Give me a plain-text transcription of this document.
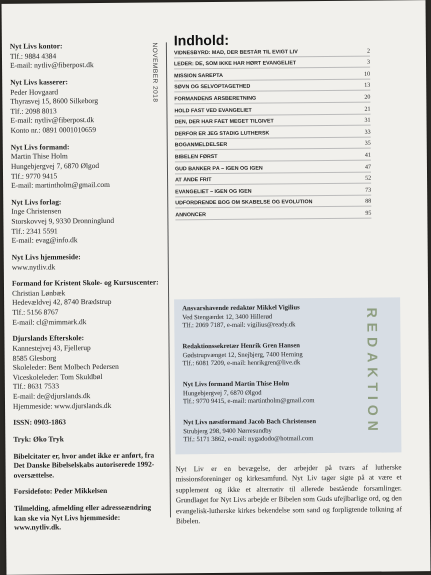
Nyt Livs kontor:
Tlf.: 9884 4384
E-mail: nytliv@fiberpost.dk
Nyt Livs kasserer:
Peder Hovgaard
Thyrasvej 15, 8600 Silkeborg
Tlf.: 2098 8013
E-mail: nytliv@fiberpost.dk
Konto nr.: 0891 0001010659
Nyt Livs formand:
Martin Thise Holm
Hungebjergvej 7, 6870 Ølgod
Tlf.: 9770 9415
E-mail: martintholm@gmail.com
Nyt Livs forlag:
Inge Christensen
Storskovvej 9, 9330 Dronninglund
Tlf.: 2341 5591
E-mail: evag@info.dk
Nyt Livs hjemmeside:
www.nytliv.dk
Formand for Kristent Skole- og Kursuscenter:
Christian Lønbæk
Hedevældvej 42, 8740 Brædstrup
Tlf.: 5156 8767
E-mail: cl@mimmark.dk
Djurslands Efterskole:
Kannestejvej 43, Fjellerup
8585 Glesborg
Skoleleder: Bent Molbech Pedersen
Viceskoleleder: Tom Skuldbøl
Tlf.: 8631 7533
E-mail: de@djurslands.dk
Hjemmeside: www.djurslands.dk
ISSN: 0903-1863
Tryk: Øko Tryk
Bibelcitater er, hvor andet ikke er anført, fra Det Danske Bibelselskabs autoriserede 1992-oversættelse.
Forsidefoto: Peder Mikkelsen
Tilmelding, afmelding eller adresseændring kan ske via Nyt Livs hjemmeside: www.nytliv.dk.
NOVEMBER 2018
Indhold:
VIDNESBYRD: MAD, DER BESTÅR TIL EVIGT LIV	2
LEDER: DE, SOM IKKE HAR HØRT EVANGELIET	3
MISSION SAREPTA	10
SØVN OG SELVOPTAGETHED	13
FORMANDENS ÅRSBERETNING	20
HOLD FAST VED EVANGELIET	21
DEN, DER HAR FÅET MEGET TILGIVET	31
DERFOR ER JEG STADIG LUTHERSK	33
BOGANMELDELSER	35
BIBELEN FØRST	41
GUD BANKER PÅ – IGEN OG IGEN	47
AT ÅNDE FRIT	52
EVANGELIET – IGEN OG IGEN	73
UDFORDRENDE BOG OM SKABELSE OG EVOLUTION	88
ANNONCER	95
Ansvarshavende redaktør Mikkel Vigilius
Ved Stengærdet 12, 3400 Hillerød
Tlf.: 2069 7187, e-mail: vigilius@ready.dk
Redaktionssekretær Henrik Gren Hansen
Gødstrupvænget 12, Snejbjerg, 7400 Herning
Tlf.: 6081 7209, e-mail: henrikgren@live.dk
Nyt Livs formand Martin Thise Holm
Hungebjergvej 7, 6870 Ølgod
Tlf.: 9770 9415, e-mail: martintholm@gmail.com
Nyt Livs næstformand Jacob Bach Christensen
Strubjerg 298, 9400 Nørresundby
Tlf.: 5171 3862, e-mail: nygadodo@hotmail.com
REDAKTION
Nyt Liv er en bevægelse, der arbejder på tværs af lutherske missionsforeninger og kirkesamfund. Nyt Liv tager sigte på at være et supplement og ikke et alternativ til allerede bestående forsamlinger. Grundlaget for Nyt Livs arbejde er Bibelen som Guds ufejlbarlige ord, og den evangelisk-lutherske kirkes bekendelse som sand og forpligtende tolkning af Bibelen.
